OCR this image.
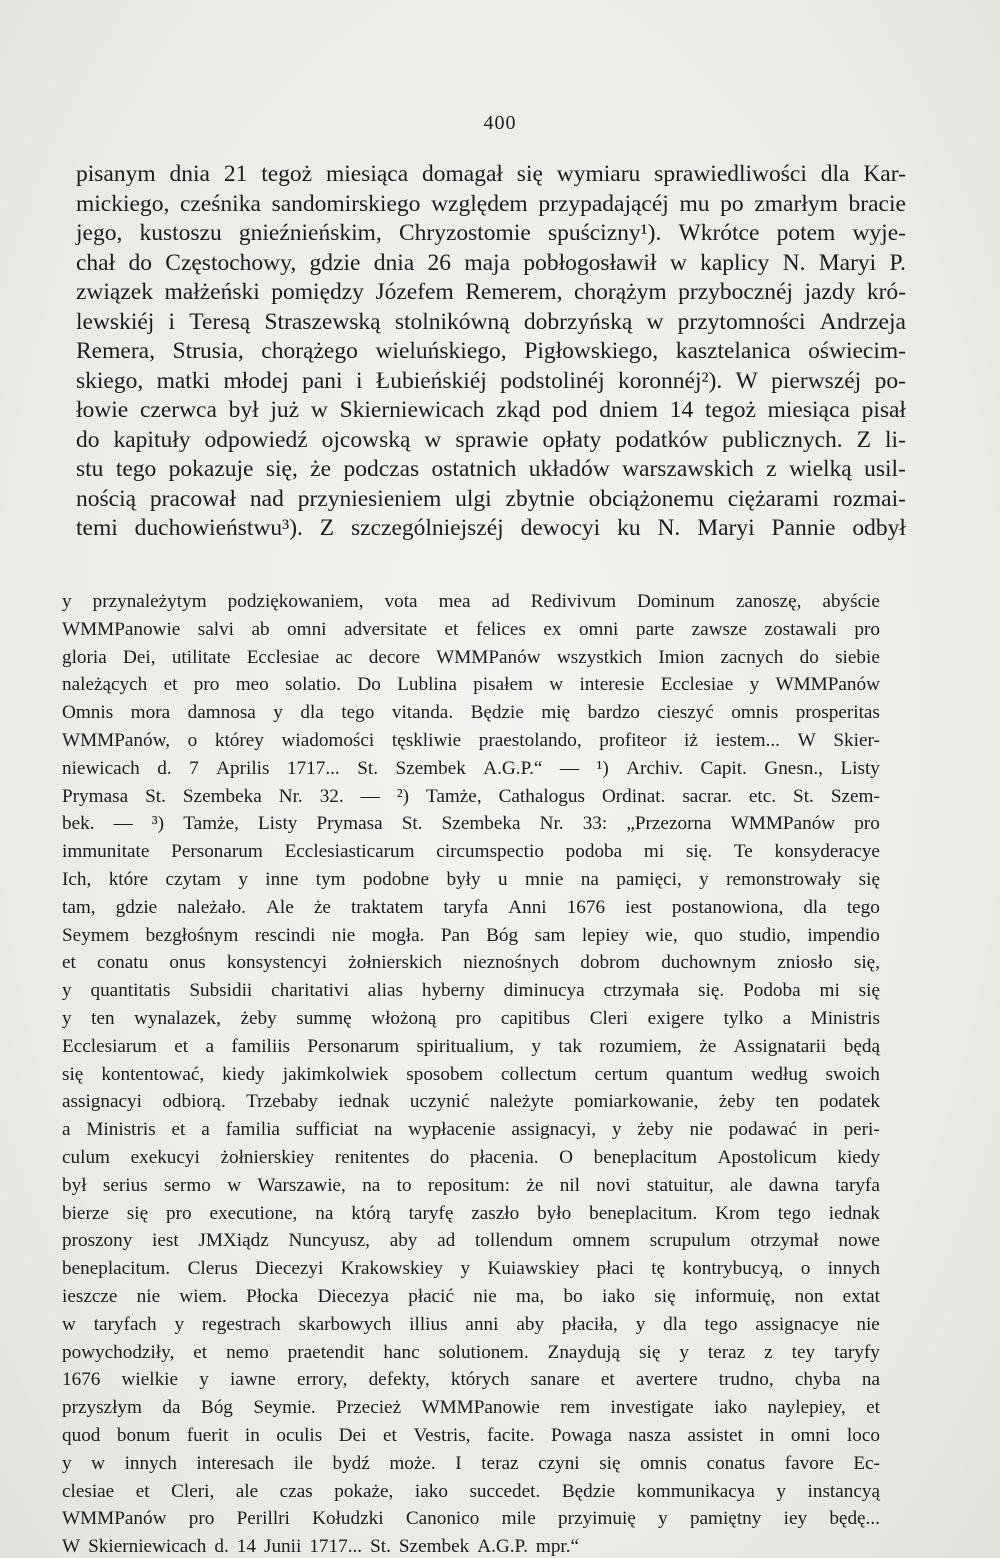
400
pisanym dnia 21 tegoż miesiąca domagał się wymiaru sprawiedliwości dla Kar-
mickiego, cześnika sandomirskiego względem przypadającéj mu po zmarłym bracie
jego, kustoszu gnieźnieńskim, Chryzostomie spuścizny¹). Wkrótce potem wyje-
chał do Częstochowy, gdzie dnia 26 maja pobłogosławił w kaplicy N. Maryi P.
związek małżeński pomiędzy Józefem Remerem, chorążym przybocznéj jazdy kró-
lewskiéj i Teresą Straszewską stolnikówną dobrzyńską w przytomności Andrzeja
Remera, Strusia, chorążego wieluńskiego, Pigłowskiego, kasztelanica oświecim-
skiego, matki młodej pani i Łubieńskiéj podstolinéj koronnéj²). W pierwszéj po-
łowie czerwca był już w Skierniewicach zkąd pod dniem 14 tegoż miesiąca pisał
do kapituły odpowiedź ojcowską w sprawie opłaty podatków publicznych. Z li-
stu tego pokazuje się, że podczas ostatnich układów warszawskich z wielką usil-
nością pracował nad przyniesieniem ulgi zbytnie obciążonemu ciężarami rozmai-
temi duchowieństwu³). Z szczególniejszéj dewocyi ku N. Maryi Pannie odbył
y przynależytym podziękowaniem, vota mea ad Redivivum Dominum zanoszę, abyście
WMMPanowie salvi ab omni adversitate et felices ex omni parte zawsze zostawali pro
gloria Dei, utilitate Ecclesiae ac decore WMMPanów wszystkich Imion zacnych do siebie
należących et pro meo solatio. Do Lublina pisałem w interesie Ecclesiae y WMMPanów
Omnis mora damnosa y dla tego vitanda. Będzie mię bardzo cieszyć omnis prosperitas
WMMPanów, o którey wiadomości tęskliwie praestolando, profiteor iż iestem... W Skier-
niewicach d. 7 Aprilis 1717... St. Szembek A.G.P.“ — ¹) Archiv. Capit. Gnesn., Listy
Prymasa St. Szembeka Nr. 32. — ²) Tamże, Cathalogus Ordinat. sacrar. etc. St. Szem-
bek. — ³) Tamże, Listy Prymasa St. Szembeka Nr. 33: „Przezorna WMMPanów pro
immunitate Personarum Ecclesiasticarum circumspectio podoba mi się. Te konsyderacye
Ich, które czytam y inne tym podobne były u mnie na pamięci, y remonstrowały się
tam, gdzie należało. Ale że traktatem taryfa Anni 1676 iest postanowiona, dla tego
Seymem bezgłośnym rescindi nie mogła. Pan Bóg sam lepiey wie, quo studio, impendio
et conatu onus konsystencyi żołnierskich nieznośnych dobrom duchownym zniosło się,
y quantitatis Subsidii charitativi alias hyberny diminucya ctrzymała się. Podoba mi się
y ten wynalazek, żeby summę włożoną pro capitibus Cleri exigere tylko a Ministris
Ecclesiarum et a familiis Personarum spiritualium, y tak rozumiem, że Assignatarii będą
się kontentować, kiedy jakimkolwiek sposobem collectum certum quantum według swoich
assignacyi odbiorą. Trzebaby iednak uczynić należyte pomiarkowanie, żeby ten podatek
a Ministris et a familia sufficiat na wypłacenie assignacyi, y żeby nie podawać in peri-
culum exekucyi żołnierskiey renitentes do płacenia. O beneplacitum Apostolicum kiedy
był serius sermo w Warszawie, na to repositum: że nil novi statuitur, ale dawna taryfa
bierze się pro executione, na którą taryfę zaszło było beneplacitum. Krom tego iednak
proszony iest JMXiądz Nuncyusz, aby ad tollendum omnem scrupulum otrzymał nowe
beneplacitum. Clerus Diecezyi Krakowskiey y Kuiawskiey płaci tę kontrybucyą, o innych
ieszcze nie wiem. Płocka Diecezya płacić nie ma, bo iako się informuię, non extat
w taryfach y regestrach skarbowych illius anni aby płaciła, y dla tego assignacye nie
powychodziły, et nemo praetendit hanc solutionem. Znaydują się y teraz z tey taryfy
1676 wielkie y iawne errory, defekty, których sanare et avertere trudno, chyba na
przyszłym da Bóg Seymie. Przecież WMMPanowie rem investigate iako naylepiey, et
quod bonum fuerit in oculis Dei et Vestris, facite. Powaga nasza assistet in omni loco
y w innych interesach ile bydź może. I teraz czyni się omnis conatus favore Ec-
clesiae et Cleri, ale czas pokaże, iako succedet. Będzie kommunikacya y instancyą
WMMPanów pro Perillri Kołudzki Canonico mile przyimuię y pamiętny iey będę...
W Skierniewicach d. 14 Junii 1717... St. Szembek A.G.P. mpr.“
